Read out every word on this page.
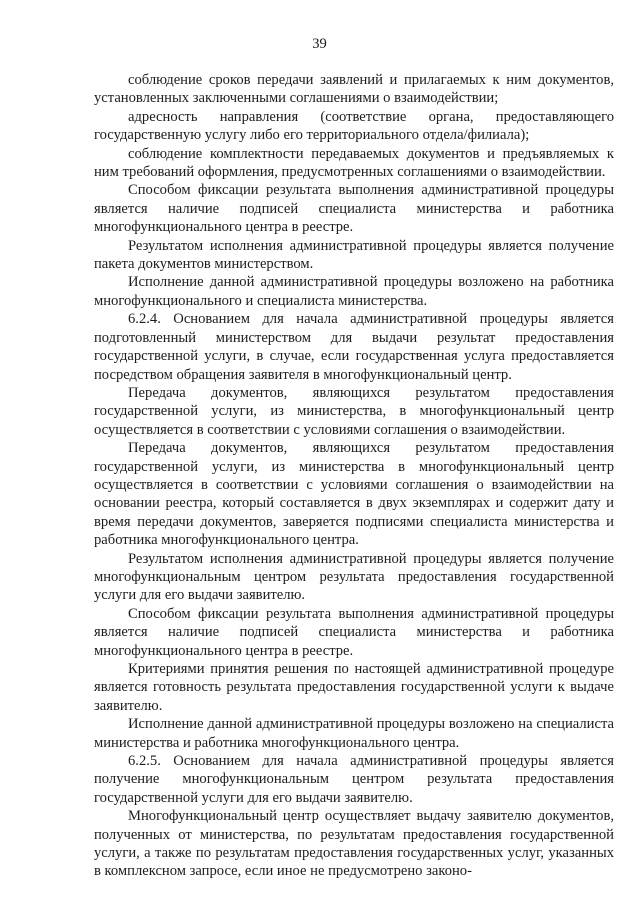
39

соблюдение сроков передачи заявлений и прилагаемых к ним документов, установленных заключенными соглашениями о взаимодействии;

адресность направления (соответствие органа, предоставляющего государственную услугу либо его территориального отдела/филиала);

соблюдение комплектности передаваемых документов и предъявляемых к ним требований оформления, предусмотренных соглашениями о взаимодействии.

Способом фиксации результата выполнения административной процедуры является наличие подписей специалиста министерства и работника многофункционального центра в реестре.

Результатом исполнения административной процедуры является получение пакета документов министерством.

Исполнение данной административной процедуры возложено на работника многофункционального и специалиста министерства.

6.2.4. Основанием для начала административной процедуры является подготовленный министерством для выдачи результат предоставления государственной услуги, в случае, если государственная услуга предоставляется посредством обращения заявителя в многофункциональный центр.

Передача документов, являющихся результатом предоставления государственной услуги, из министерства, в многофункциональный центр осуществляется в соответствии с условиями соглашения о взаимодействии.

Передача документов, являющихся результатом предоставления государственной услуги, из министерства в многофункциональный центр осуществляется в соответствии с условиями соглашения о взаимодействии на основании реестра, который составляется в двух экземплярах и содержит дату и время передачи документов, заверяется подписями специалиста министерства и работника многофункционального центра.

Результатом исполнения административной процедуры является получение многофункциональным центром результата предоставления государственной услуги для его выдачи заявителю.

Способом фиксации результата выполнения административной процедуры является наличие подписей специалиста министерства и работника многофункционального центра в реестре.

Критериями принятия решения по настоящей административной процедуре является готовность результата предоставления государственной услуги к выдаче заявителю.

Исполнение данной административной процедуры возложено на специалиста министерства и работника многофункционального центра.

6.2.5. Основанием для начала административной процедуры является получение многофункциональным центром результата предоставления государственной услуги для его выдачи заявителю.

Многофункциональный центр осуществляет выдачу заявителю документов, полученных от министерства, по результатам предоставления государственной услуги, а также по результатам предоставления государственных услуг, указанных в комплексном запросе, если иное не предусмотрено законо-
